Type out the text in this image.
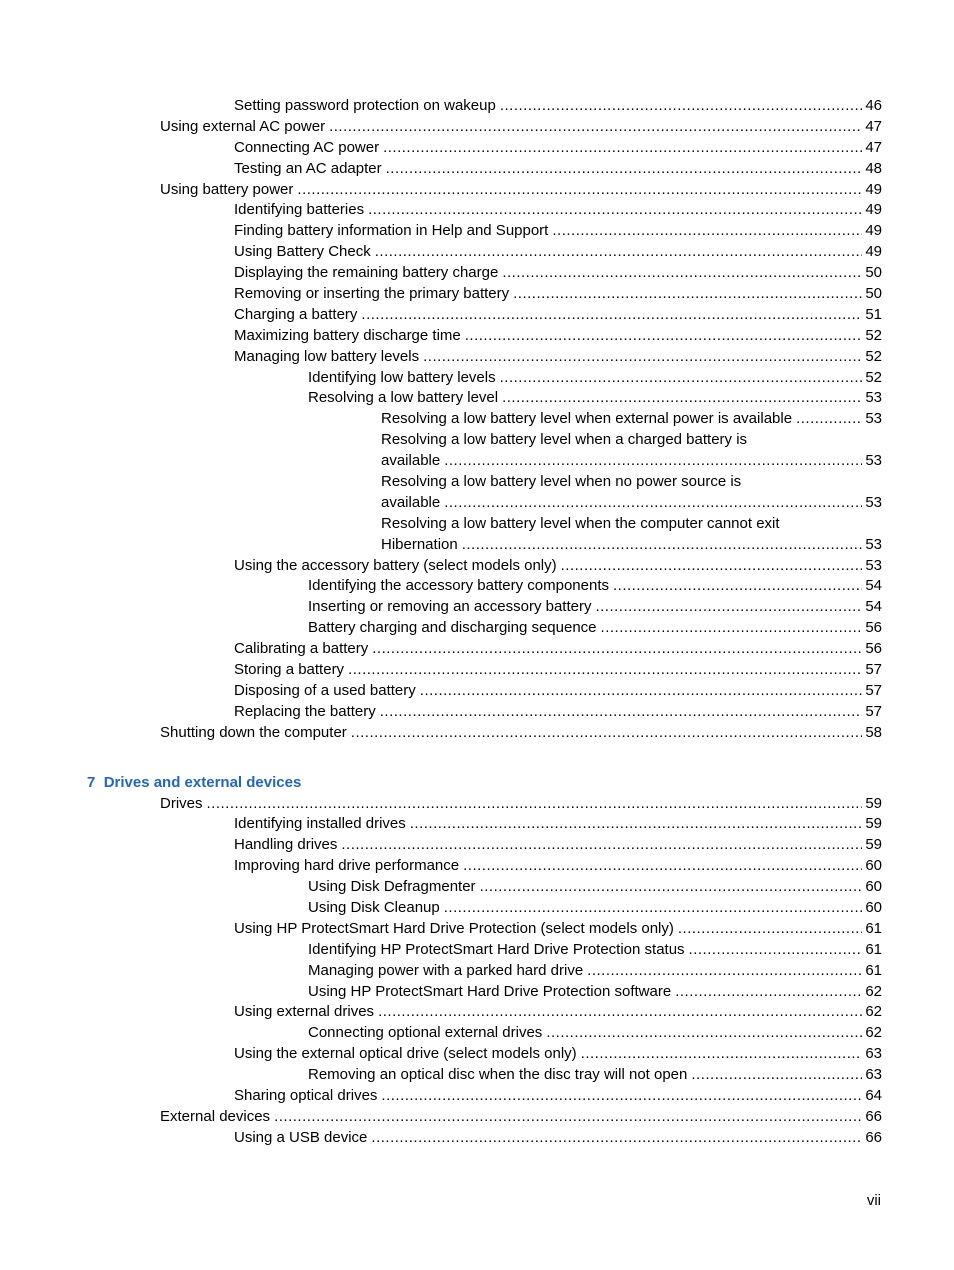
Setting password protection on wakeup .....	46
Using external AC power .....	47
Connecting AC power .....	47
Testing an AC adapter .....	48
Using battery power .....	49
Identifying batteries .....	49
Finding battery information in Help and Support .....	49
Using Battery Check .....	49
Displaying the remaining battery charge .....	50
Removing or inserting the primary battery .....	50
Charging a battery .....	51
Maximizing battery discharge time .....	52
Managing low battery levels .....	52
Identifying low battery levels .....	52
Resolving a low battery level .....	53
Resolving a low battery level when external power is available .....	53
Resolving a low battery level when a charged battery is
available .....	53
Resolving a low battery level when no power source is
available .....	53
Resolving a low battery level when the computer cannot exit
Hibernation .....	53
Using the accessory battery (select models only) .....	53
Identifying the accessory battery components .....	54
Inserting or removing an accessory battery .....	54
Battery charging and discharging sequence .....	56
Calibrating a battery .....	56
Storing a battery .....	57
Disposing of a used battery .....	57
Replacing the battery .....	57
Shutting down the computer .....	58
7 Drives and external devices
Drives .....	59
Identifying installed drives .....	59
Handling drives .....	59
Improving hard drive performance .....	60
Using Disk Defragmenter .....	60
Using Disk Cleanup .....	60
Using HP ProtectSmart Hard Drive Protection (select models only) .....	61
Identifying HP ProtectSmart Hard Drive Protection status .....	61
Managing power with a parked hard drive .....	61
Using HP ProtectSmart Hard Drive Protection software .....	62
Using external drives .....	62
Connecting optional external drives .....	62
Using the external optical drive (select models only) .....	63
Removing an optical disc when the disc tray will not open .....	63
Sharing optical drives .....	64
External devices .....	66
Using a USB device .....	66
vii
